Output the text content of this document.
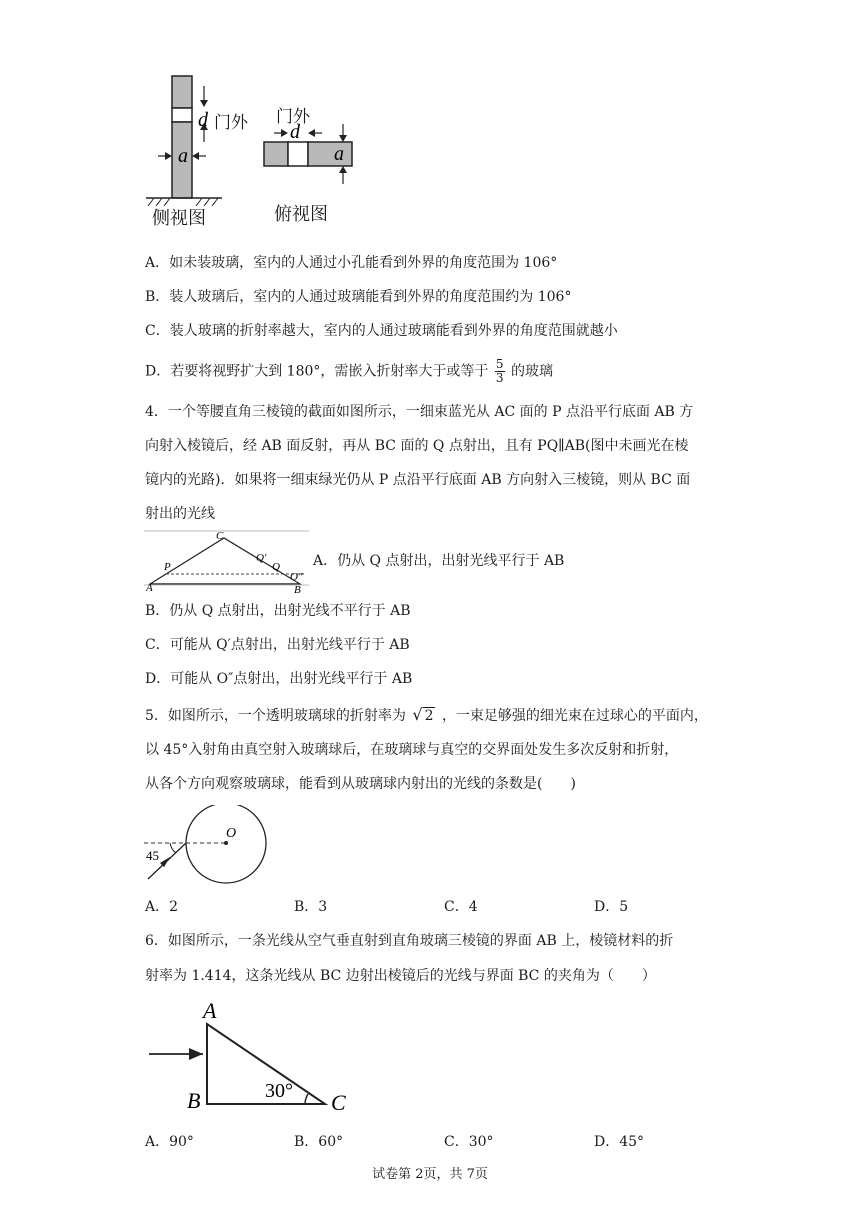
d
a
d
a
门外 门外
侧视图	俯视图
A．如未装玻璃，室内的人通过小孔能看到外界的角度范围为 106°
B．装人玻璃后，室内的人通过玻璃能看到外界的角度范围约为 106°
C．装人玻璃的折射率越大，室内的人通过玻璃能看到外界的角度范围就越小
D．若要将视野扩大到 180°，需嵌入折射率大于或等于 $\frac{5}{3}$ 的玻璃
4．一个等腰直角三棱镜的截面如图所示，一细束蓝光从 AC 面的 P 点沿平行底面 AB 方
向射入棱镜后，经 AB 面反射，再从 BC 面的 Q 点射出，且有 PQ∥AB(图中未画光在棱
镜内的光路)．如果将一细束绿光仍从 P 点沿平行底面 AB 方向射入三棱镜，则从 BC 面
射出的光线
C
P
Q′
Q
A	B
O″
A．仍从 Q 点射出，出射光线平行于 AB
B．仍从 Q 点射出，出射光线不平行于 AB
C．可能从 Q′点射出，出射光线平行于 AB
D．可能从 O″点射出，出射光线平行于 AB
5．如图所示，一个透明玻璃球的折射率为 √ 2 ，一束足够强的细光束在过球心的平面内，
以 45°入射角由真空射入玻璃球后，在玻璃球与真空的交界面处发生多次反射和折射，
从各个方向观察玻璃球，能看到从玻璃球内射出的光线的条数是(　　)
O
45
A．2	B．3	C．4	D．5
6．如图所示，一条光线从空气垂直射到直角玻璃三棱镜的界面 AB 上，棱镜材料的折
射率为 1.414，这条光线从 BC 边射出棱镜后的光线与界面 BC 的夹角为（　　）
A
B	C
30°
A．90°	B．60°	C．30°	D．45°
试卷第 2页，共 7页
